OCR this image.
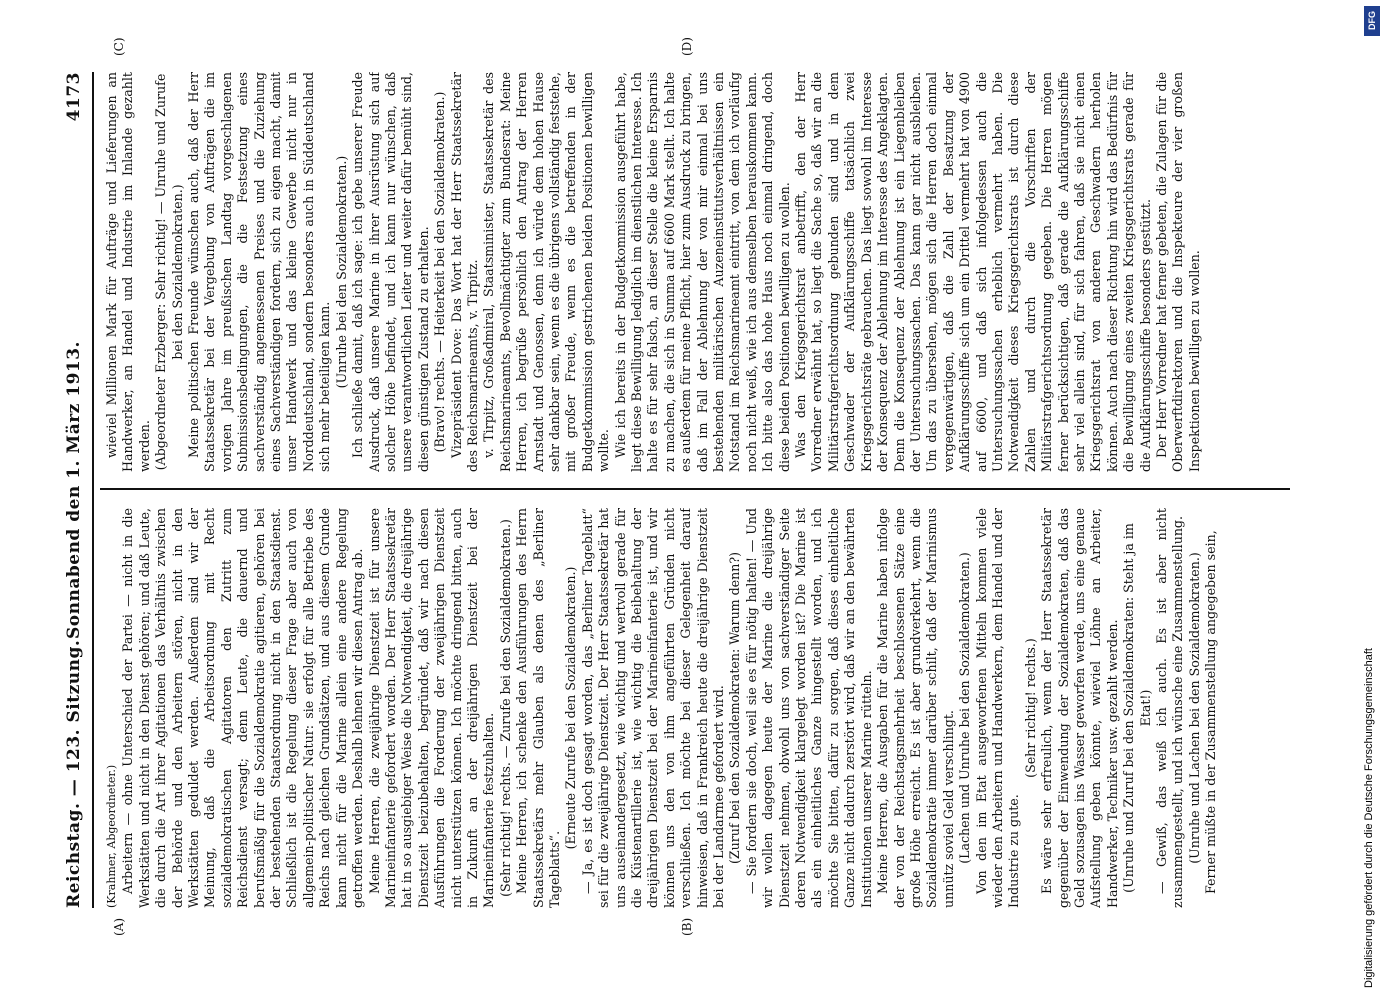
Reichstag. — 123. Sitzung.
Sonnabend den 1. März 1913.
4173
(A)	(B)
(C)	(D)

(Krahmer, Abgeordneter.) Arbeitern — ohne Unterschied der Partei — nicht in die Werkstätten und nicht in den Dienst gehören; und daß Leute, die durch die Art ihrer Agitationen das Verhältnis zwischen der Behörde und den Arbeitern stören, nicht in den Werkstätten geduldet werden. Außerdem sind wir der Meinung, daß die Arbeitsordnung mit Recht sozialdemokratischen Agitatoren den Zutritt zum Reichsdienst versagt; denn Leute, die dauernd und berufsmäßig für die Sozialdemokratie agitieren, gehören bei der bestehenden Staatsordnung nicht in den Staatsdienst. Schließlich ist die Regelung dieser Frage aber auch von allgemein-politischer Natur: sie erfolgt für alle Betriebe des Reichs nach gleichen Grundsätzen, und aus diesem Grunde kann nicht für die Marine allein eine andere Regelung getroffen werden. Deshalb lehnen wir diesen Antrag ab. Meine Herren, die zweijährige Dienstzeit ist für unsere Marineinfanterie gefordert worden. Der Herr Staatssekretär hat in so ausgiebiger Weise die Notwendigkeit, die dreijährige Dienstzeit beizubehalten, begründet, daß wir nach diesen Ausführungen die Forderung der zweijährigen Dienstzeit nicht unterstützen können. Ich möchte dringend bitten, auch in Zukunft an der dreijährigen Dienstzeit bei der Marineinfanterie festzuhalten. (Sehr richtig! rechts. — Zurufe bei den Sozialdemokraten.) Meine Herren, ich schenke den Ausführungen des Herrn Staatssekretärs mehr Glauben als denen des „Berliner Tageblatts“.

(Erneute Zurufe bei den Sozialdemokraten.) — Ja, es ist doch gesagt worden, das „Berliner Tageblatt“ sei für die zweijährige Dienstzeit. Der Herr Staatssekretär hat uns auseinandergesetzt, wie wichtig und wertvoll gerade für die Küstenartillerie ist, wie wichtig die Beibehaltung der dreijährigen Dienstzeit bei der Marineinfanterie ist, und wir können uns den von ihm angeführten Gründen nicht verschließen. Ich möchte bei dieser Gelegenheit darauf hinweisen, daß in Frankreich heute die dreijährige Dienstzeit bei der Landarmee gefordert wird. (Zuruf bei den Sozialdemokraten: Warum denn?) — Sie fordern sie doch, weil sie es für nötig halten! — Und wir wollen dagegen heute der Marine die dreijährige Dienstzeit nehmen, obwohl uns von sachverständiger Seite deren Notwendigkeit klargelegt worden ist? Die Marine ist als ein einheitliches Ganze hingestellt worden, und ich möchte Sie bitten, dafür zu sorgen, daß dieses einheitliche Ganze nicht dadurch zerstört wird, daß wir an den bewährten Institutionen unserer Marine rütteln. Meine Herren, die Ausgaben für die Marine haben infolge der von der Reichstagsmehrheit beschlossenen Sätze eine große Höhe erreicht. Es ist aber grundverkehrt, wenn die Sozialdemokratie immer darüber schilt, daß der Marinismus unnütz soviel Geld verschlingt. (Lachen und Unruhe bei den Sozialdemokraten.) Von den im Etat ausgeworfenen Mitteln kommen viele wieder den Arbeitern und Handwerkern, dem Handel und der Industrie zu gute.

(Sehr richtig! rechts.) Es wäre sehr erfreulich, wenn der Herr Staatssekretär gegenüber der Einwendung der Sozialdemokraten, daß das Geld sozusagen ins Wasser geworfen werde, uns eine genaue Aufstellung geben könnte, wieviel Löhne an Arbeiter, Handwerker, Techniker usw. gezahlt werden. (Unruhe und Zuruf bei den Sozialdemokraten: Steht ja im Etat!) — Gewiß, das weiß ich auch. Es ist aber nicht zusammengestellt, und ich wünsche eine Zusammenstellung. (Unruhe und Lachen bei den Sozialdemokraten.) Ferner müßte in der Zusammenstellung angegeben sein,

wieviel Millionen Mark für Aufträge und Lieferungen an Handwerker, an Handel und Industrie im Inlande gezahlt werden. (Abgeordneter Erzberger: Sehr richtig! — Unruhe und Zurufe bei den Sozialdemokraten.) Meine politischen Freunde wünschen auch, daß der Herr Staatssekretär bei der Vergebung von Aufträgen die im vorigen Jahre im preußischen Landtag vorgeschlagenen Submissionsbedingungen, die die Festsetzung eines sachverständig angemessenen Preises und die Zuziehung eines Sachverständigen fordern, sich zu eigen macht, damit unser Handwerk und das kleine Gewerbe nicht nur in Norddeutschland, sondern besonders auch in Süddeutschland sich mehr beteiligen kann. (Unruhe bei den Sozialdemokraten.) Ich schließe damit, daß ich sage: ich gebe unserer Freude Ausdruck, daß unsere Marine in ihrer Ausrüstung sich auf solcher Höhe befindet, und ich kann nur wünschen, daß unsere verantwortlichen Leiter und weiter dafür bemüht sind, diesen günstigen Zustand zu erhalten. (Bravo! rechts. — Heiterkeit bei den Sozialdemokraten.) Vizepräsident Dove: Das Wort hat der Herr Staatssekretär des Reichsmarineamts, v. Tirpitz. v. Tirpitz, Großadmiral, Staatsminister, Staatssekretär des Reichsmarineamts, Bevollmächtigter zum Bundesrat: Meine Herren, ich begrüße persönlich den Antrag der Herren Arnstadt und Genossen, denn ich würde dem hohen Hause sehr dankbar sein, wenn es die übrigens vollständig feststehe, mit großer Freude, wenn es die betreffenden in der Budgetkommission gestrichenen beiden Positionen bewilligen wollte. Wie ich bereits in der Budgetkommission ausgeführt habe, liegt diese Bewilligung lediglich im dienstlichen Interesse. Ich halte es für sehr falsch, an dieser Stelle die kleine Ersparnis zu machen, die sich in Summa auf 6600 Mark stellt. Ich halte es außerdem für meine Pflicht, hier zum Ausdruck zu bringen, daß im Fall der Ablehnung der von mir einmal bei uns bestehenden militärischen Auzeneinstitutsverhältnissen ein Notstand im Reichsmarineamt eintritt, von dem ich vorläufig noch nicht weiß, wie ich aus demselben herauskommen kann. Ich bitte also das hohe Haus noch einmal dringend, doch diese beiden Positionen bewilligen zu wollen. Was den Kriegsgerichtsrat anbetrifft, den der Herr Vorredner erwähnt hat, so liegt die Sache so, daß wir an die Militärstrafgerichtsordnung gebunden sind und in dem Geschwader der Aufklärungsschiffe tatsächlich zwei Kriegsgerichtsräte gebrauchen. Das liegt sowohl im Interesse der Konsequenz der Ablehnung im Interesse des Angeklagten. Denn die Konsequenz der Ablehnung ist ein Liegenbleiben der Untersuchungssachen. Das kann gar nicht ausbleiben. Um das zu übersehen, mögen sich die Herren doch einmal vergegenwärtigen, daß die Zahl der Besatzung der Aufklärungsschiffe sich um ein Drittel vermehrt hat von 4900 auf 6600, und daß sich infolgedessen auch die Untersuchungssachen erheblich vermehrt haben. Die Notwendigkeit dieses Kriegsgerichtsrats ist durch diese Zahlen und durch die Vorschriften der Militärstrafgerichtsordnung gegeben. Die Herren mögen ferner berücksichtigen, daß gerade die Aufklärungsschiffe sehr viel allein sind, für sich fahren, daß sie nicht einen Kriegsgerichtsrat von anderen Geschwadern herholen können. Auch nach dieser Richtung hin wird das Bedürfnis für die Bewilligung eines zweiten Kriegsgerichtsrats gerade für die Aufklärungsschiffe besonders gestützt. Der Herr Vorredner hat ferner gebeten, die Zulagen für die Oberwerftdirektoren und die Inspekteure der vier großen Inspektionen bewilligen zu wollen.

DFG
Digitalisierung gefördert durch die Deutsche Forschungsgemeinschaft
